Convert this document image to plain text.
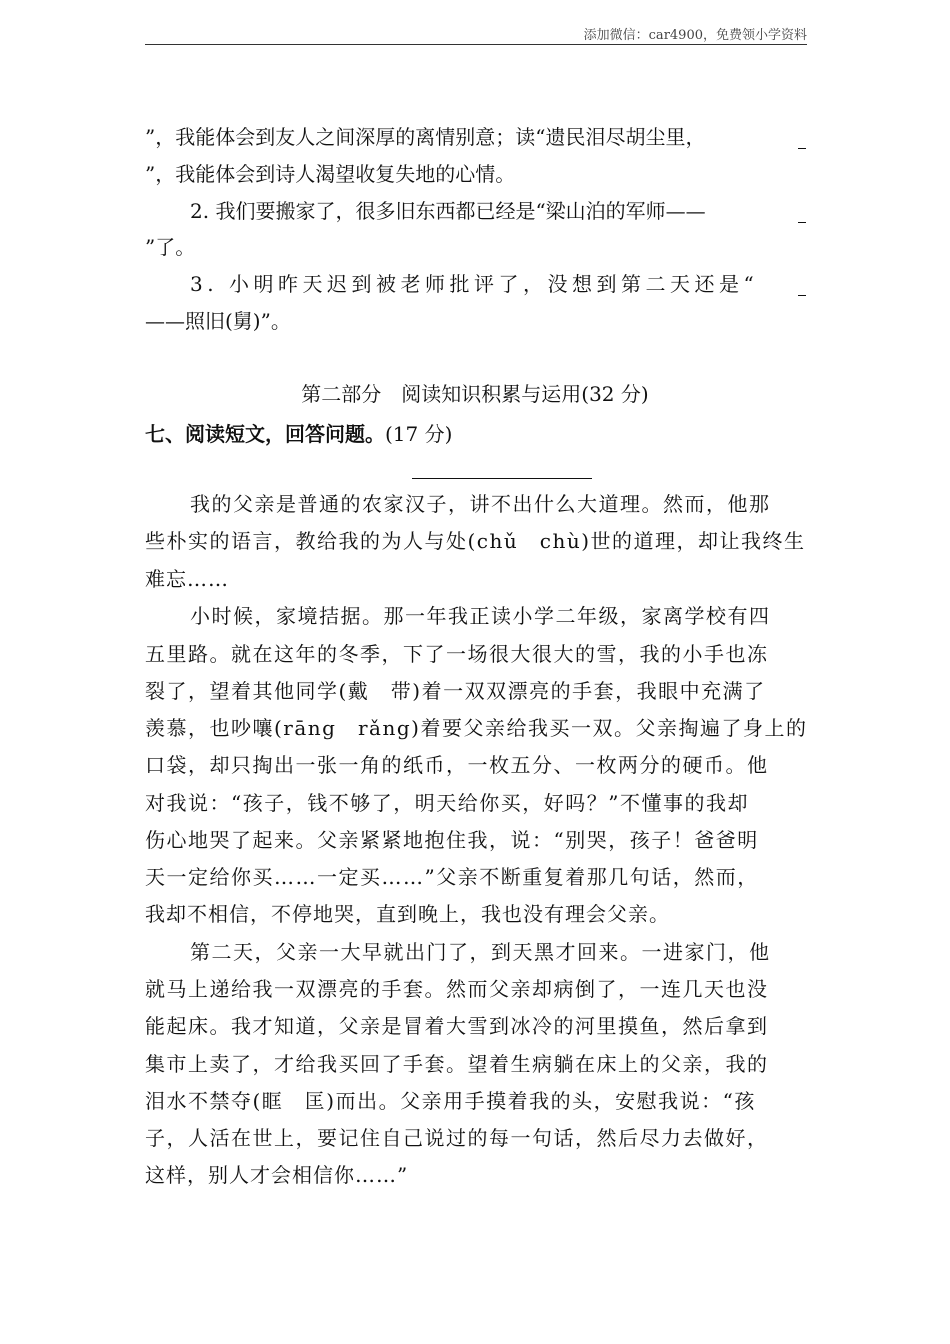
添加微信：car4900，免费领小学资料
”，我能体会到友人之间深厚的离情别意；读“遗民泪尽胡尘里，
”，我能体会到诗人渴望收复失地的心情。
2. 我们要搬家了，很多旧东西都已经是“梁山泊的军师——
”了。
3. 小明昨天迟到被老师批评了，没想到第二天还是“
——照旧(舅)”。
第二部分　阅读知识积累与运用(32 分)
七、阅读短文，回答问题。(17 分)
我的父亲是普通的农家汉子，讲不出什么大道理。然而，他那
些朴实的语言，教给我的为人与处(chǔ　chù)世的道理，却让我终生
难忘……
小时候，家境拮据。那一年我正读小学二年级，家离学校有四
五里路。就在这年的冬季，下了一场很大很大的雪，我的小手也冻
裂了，望着其他同学(戴　带)着一双双漂亮的手套，我眼中充满了
羡慕，也吵嚷(rāng　rǎng)着要父亲给我买一双。父亲掏遍了身上的
口袋，却只掏出一张一角的纸币，一枚五分、一枚两分的硬币。他
对我说：“孩子，钱不够了，明天给你买，好吗？”不懂事的我却
伤心地哭了起来。父亲紧紧地抱住我，说：“别哭，孩子！爸爸明
天一定给你买……一定买……”父亲不断重复着那几句话，然而，
我却不相信，不停地哭，直到晚上，我也没有理会父亲。
第二天，父亲一大早就出门了，到天黑才回来。一进家门，他
就马上递给我一双漂亮的手套。然而父亲却病倒了，一连几天也没
能起床。我才知道，父亲是冒着大雪到冰冷的河里摸鱼，然后拿到
集市上卖了，才给我买回了手套。望着生病躺在床上的父亲，我的
泪水不禁夺(眶　匡)而出。父亲用手摸着我的头，安慰我说：“孩
子，人活在世上，要记住自己说过的每一句话，然后尽力去做好，
这样，别人才会相信你……”
